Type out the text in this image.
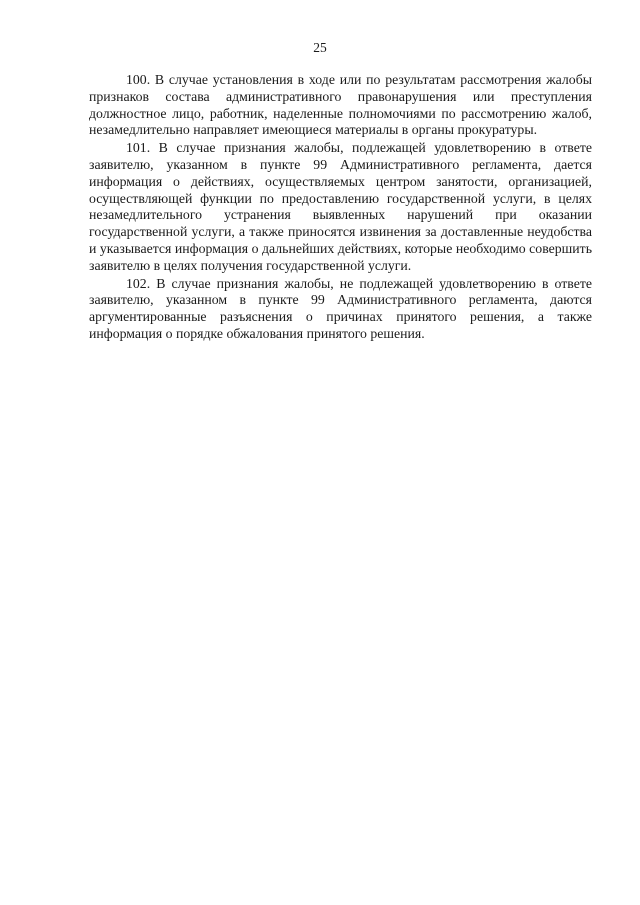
25

100. В случае установления в ходе или по результатам рассмотрения жалобы признаков состава административного правонарушения или преступления должностное лицо, работник, наделенные полномочиями по рассмотрению жалоб, незамедлительно направляет имеющиеся материалы в органы прокуратуры.

101. В случае признания жалобы, подлежащей удовлетворению в ответе заявителю, указанном в пункте 99 Административного регламента, дается информация о действиях, осуществляемых центром занятости, организацией, осуществляющей функции по предоставлению государственной услуги, в целях незамедлительного устранения выявленных нарушений при оказании государственной услуги, а также приносятся извинения за доставленные неудобства и указывается информация о дальнейших действиях, которые необходимо совершить заявителю в целях получения государственной услуги.

102. В случае признания жалобы, не подлежащей удовлетворению в ответе заявителю, указанном в пункте 99 Административного регламента, даются аргументированные разъяснения о причинах принятого решения, а также информация о порядке обжалования принятого решения.
